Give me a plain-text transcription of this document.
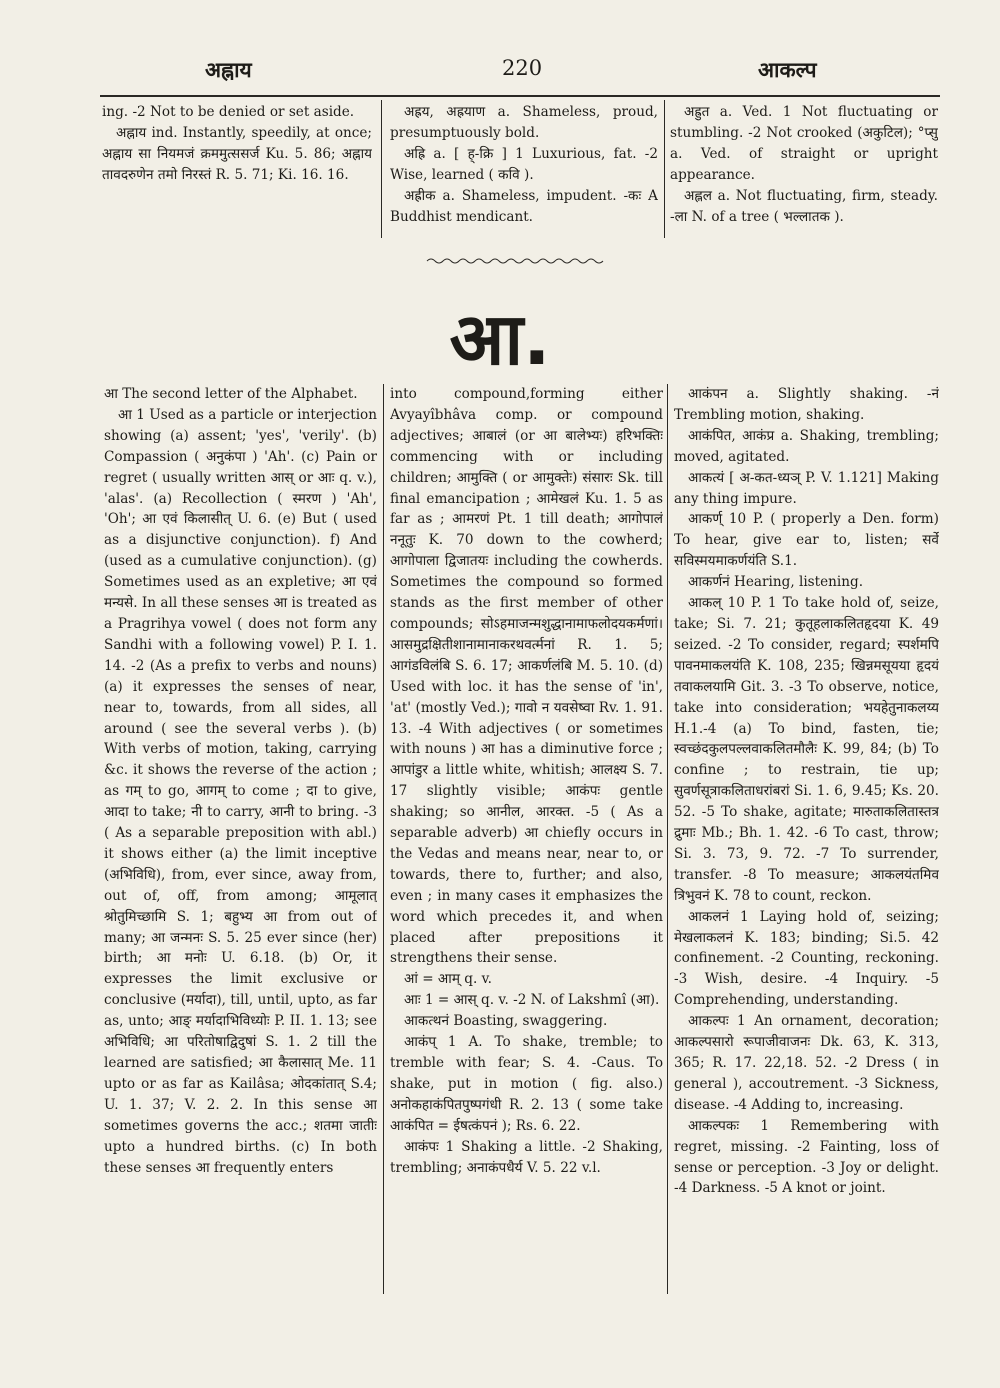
अह्नाय	220	आकल्प

ing. -2 Not to be denied or set aside.

अह्नाय ind. Instantly, speedily, at once; अह्नाय सा नियमजं क्रममुत्ससर्ज Ku. 5. 86; अह्नाय तावदरुणेन तमो निरस्तं R. 5. 71; Ki. 16. 16.

अह्रय, अह्रयाण a. Shameless, proud, presumptuously bold.

अह्रि a. [ ह्-क्रि ] 1 Luxurious, fat. -2 Wise, learned ( कवि ).

अह्रीक a. Shameless, impudent. -कः A Buddhist mendicant.

अह्रुत a. Ved. 1 Not fluctuating or stumbling. -2 Not crooked (अकुटिल); °प्सु a. Ved. of straight or upright appearance.

अह्लल a. Not fluctuating, firm, steady. -ला N. of a tree ( भल्लातक ).

आ.

आ The second letter of the Alphabet.

आ 1 Used as a particle or interjection showing (a) assent; 'yes', 'verily'. (b) Compassion ( अनुकंपा ) 'Ah'. (c) Pain or regret ( usually written आस् or आः q. v.), 'alas'. (a) Recollection ( स्मरण ) 'Ah', 'Oh'; आ एवं किलासीत् U. 6. (e) But ( used as a disjunctive conjunction). f) And (used as a cumulative conjunction). (g) Sometimes used as an expletive; आ एवं मन्यसे. In all these senses आ is treated as a Pragrihya vowel ( does not form any Sandhi with a following vowel) P. I. 1. 14. -2 (As a prefix to verbs and nouns) (a) it expresses the senses of near, near to, towards, from all sides, all around ( see the several verbs ). (b) With verbs of motion, taking, carrying &c. it shows the reverse of the action ; as गम् to go, आगम् to come ; दा to give, आदा to take; नी to carry, आनी to bring. -3 ( As a separable preposition with abl.) it shows either (a) the limit inceptive (अभिविधि), from, ever since, away from, out of, off, from among; आमूलात् श्रोतुमिच्छामि S. 1; बहुभ्य आ from out of many; आ जन्मनः S. 5. 25 ever since (her) birth; आ मनोः U. 6.18. (b) Or, it expresses the limit exclusive or conclusive (मर्यादा), till, until, upto, as far as, unto; आङ् मर्यादाभिविध्योः P. II. 1. 13; see अभिविधि; आ परितोषाद्विदुषां S. 1. 2 till the learned are satisfied; आ कैलासात् Me. 11 upto or as far as Kailâsa; ओदकांतात् S.4; U. 1. 37; V. 2. 2. In this sense आ sometimes governs the acc.; शतमा जातीः upto a hundred births. (c) In both these senses आ frequently enters

into compound,forming either Avyayîbhâva comp. or compound adjectives; आबालं (or आ बालेभ्यः) हरिभक्तिः commencing with or including children; आमुक्ति ( or आमुक्तेः) संसारः Sk. till final emancipation ; आमेखलं Ku. 1. 5 as far as ; आमरणं Pt. 1 till death; आगोपालं ननूतुः K. 70 down to the cowherd; आगोपाला द्विजातयः including the cowherds. Sometimes the compound so formed stands as the first member of other compounds; सोऽहमाजन्मशुद्धानामाफलोदयकर्मणां। आसमुद्रक्षितीशानामानाकरथवर्त्मनां R. 1. 5; आगंडविलंबि S. 6. 17; आकर्णलंबि M. 5. 10. (d) Used with loc. it has the sense of 'in', 'at' (mostly Ved.); गावो न यवसेष्वा Rv. 1. 91. 13. -4 With adjectives ( or sometimes with nouns ) आ has a diminutive force ; आपांडुर a little white, whitish; आलक्ष्य S. 7. 17 slightly visible; आकंपः gentle shaking; so आनील, आरक्त. -5 ( As a separable adverb) आ chiefly occurs in the Vedas and means near, near to, or towards, there to, further; and also, even ; in many cases it emphasizes the word which precedes it, and when placed after prepositions it strengthens their sense.

आं = आम् q. v.

आः 1 = आस् q. v. -2 N. of Lakshmî (आ).

आकत्थनं Boasting, swaggering.

आकंप् 1 A. To shake, tremble; to tremble with fear; S. 4. -Caus. To shake, put in motion ( fig. also.) अनोकहाकंपितपुष्पगंधी R. 2. 13 ( some take आकंपित = ईषत्कंपनं ); Rs. 6. 22.

आकंपः 1 Shaking a little. -2 Shaking, trembling; अनाकंपधैर्य V. 5. 22 v.l.

आकंपन a. Slightly shaking. -नं Trembling motion, shaking.

आकंपित, आकंप्र a. Shaking, trembling; moved, agitated.

आकत्यं [ अ-कत-ध्यञ् P. V. 1.121] Making any thing impure.

आकर्ण् 10 P. ( properly a Den. form) To hear, give ear to, listen; सर्वे सविस्मयमाकर्णयंति S.1.

आकर्णनं Hearing, listening.

आकल् 10 P. 1 To take hold of, seize, take; Si. 7. 21; कुतूहलाकलितहृदया K. 49 seized. -2 To consider, regard; स्पर्शमपि पावनमाकलयंति K. 108, 235; खिन्नमसूयया हृदयं तवाकलयामि Git. 3. -3 To observe, notice, take into consideration; भयहेतुनाकलय्य H.1.-4 (a) To bind, fasten, tie; स्वच्छंदकुलपल्लवाकलितमौलैः K. 99, 84; (b) To confine ; to restrain, tie up; सुवर्णसूत्राकलिताधरांबरां Si. 1. 6, 9.45; Ks. 20. 52. -5 To shake, agitate; मारुताकलितास्तत्र द्रुमाः Mb.; Bh. 1. 42. -6 To cast, throw; Si. 3. 73, 9. 72. -7 To surrender, transfer. -8 To measure; आकलयंतमिव त्रिभुवनं K. 78 to count, reckon.

आकलनं 1 Laying hold of, seizing; मेखलाकलनं K. 183; binding; Si.5. 42 confinement. -2 Counting, reckoning. -3 Wish, desire. -4 Inquiry. -5 Comprehending, understanding.

आकल्पः 1 An ornament, decoration; आकल्पसारो रूपाजीवाजनः Dk. 63, K. 313, 365; R. 17. 22,18. 52. -2 Dress ( in general ), accoutrement. -3 Sickness, disease. -4 Adding to, increasing.

आकल्पकः 1 Remembering with regret, missing. -2 Fainting, loss of sense or perception. -3 Joy or delight. -4 Darkness. -5 A knot or joint.
